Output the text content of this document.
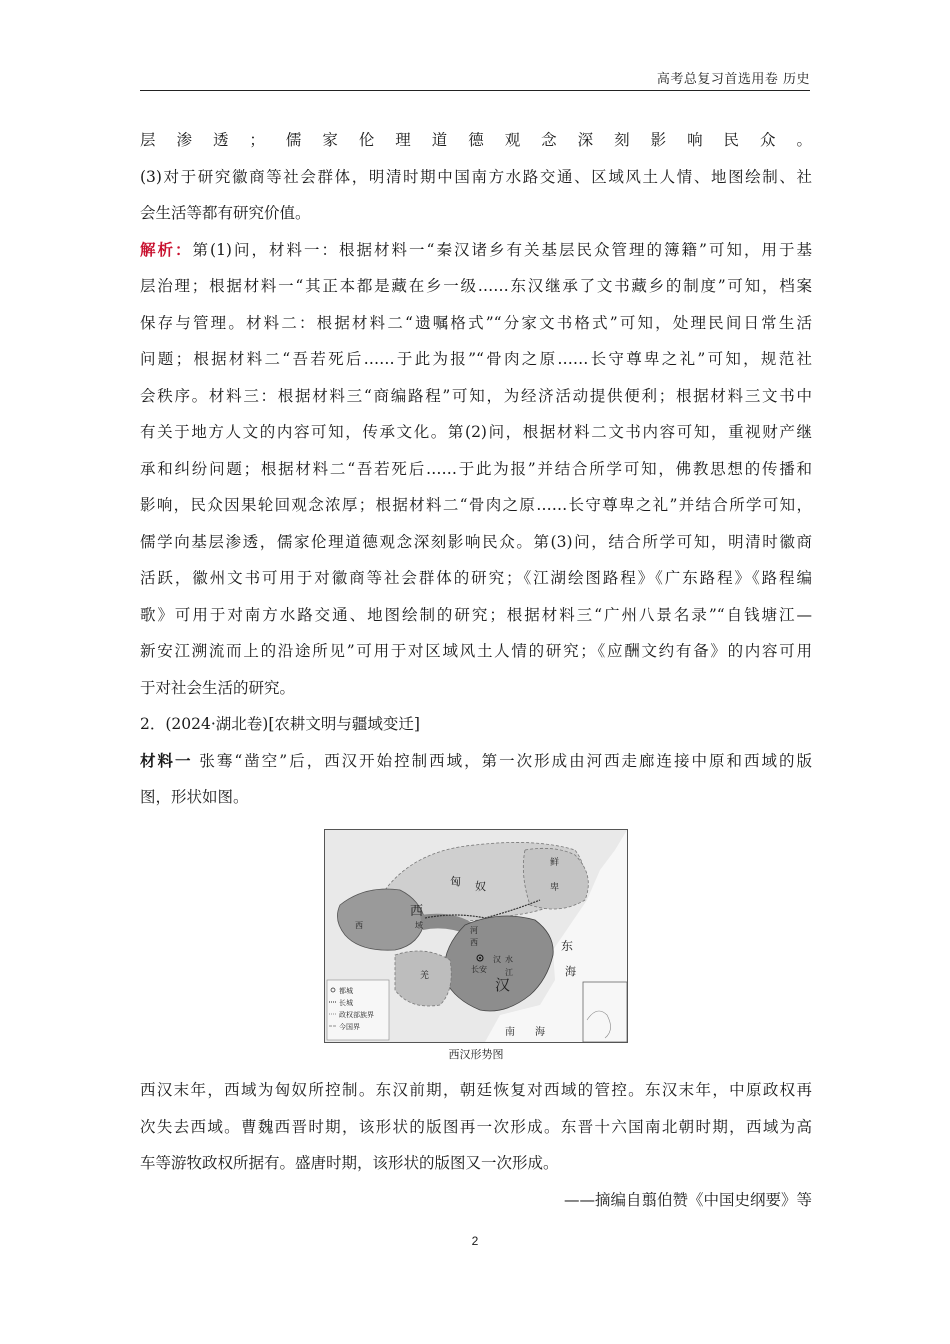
高考总复习首选用卷 历史
层渗透；儒家伦理道德观念深刻影响民众。
(3)对于研究徽商等社会群体，明清时期中国南方水路交通、区域风土人情、地图绘制、社
会生活等都有研究价值。
解析：第(1)问，材料一：根据材料一“秦汉诸乡有关基层民众管理的簿籍”可知，用于基
层治理；根据材料一“其正本都是藏在乡一级……东汉继承了文书藏乡的制度”可知，档案
保存与管理。材料二：根据材料二“遗嘱格式”“分家文书格式”可知，处理民间日常生活
问题；根据材料二“吾若死后……于此为报”“骨肉之原……长守尊卑之礼”可知，规范社
会秩序。材料三：根据材料三“商编路程”可知，为经济活动提供便利；根据材料三文书中
有关于地方人文的内容可知，传承文化。第(2)问，根据材料二文书内容可知，重视财产继
承和纠纷问题；根据材料二“吾若死后……于此为报”并结合所学可知，佛教思想的传播和
影响，民众因果轮回观念浓厚；根据材料二“骨肉之原……长守尊卑之礼”并结合所学可知，
儒学向基层渗透，儒家伦理道德观念深刻影响民众。第(3)问，结合所学可知，明清时徽商
活跃，徽州文书可用于对徽商等社会群体的研究；《江湖绘图路程》《广东路程》《路程编
歌》可用于对南方水路交通、地图绘制的研究；根据材料三“广州八景名录”“自钱塘江—
新安江溯流而上的沿途所见”可用于对区域风土人情的研究；《应酬文约有备》的内容可用
于对社会生活的研究。
2．(2024·湖北卷)[农耕文明与疆域变迁]
材料一 张骞“凿空”后，西汉开始控制西域，第一次形成由河西走廊连接中原和西域的版
图，形状如图。
匈 奴
鲜
卑
西
域
西
河
西
长安
汉
羌
东
海
南 海
汉 水
江
都城
长城
政权部族界
今国界
西汉形势图
西汉末年，西域为匈奴所控制。东汉前期，朝廷恢复对西域的管控。东汉末年，中原政权再
次失去西域。曹魏西晋时期，该形状的版图再一次形成。东晋十六国南北朝时期，西域为高
车等游牧政权所据有。盛唐时期，该形状的版图又一次形成。
——摘编自翦伯赞《中国史纲要》等
2
